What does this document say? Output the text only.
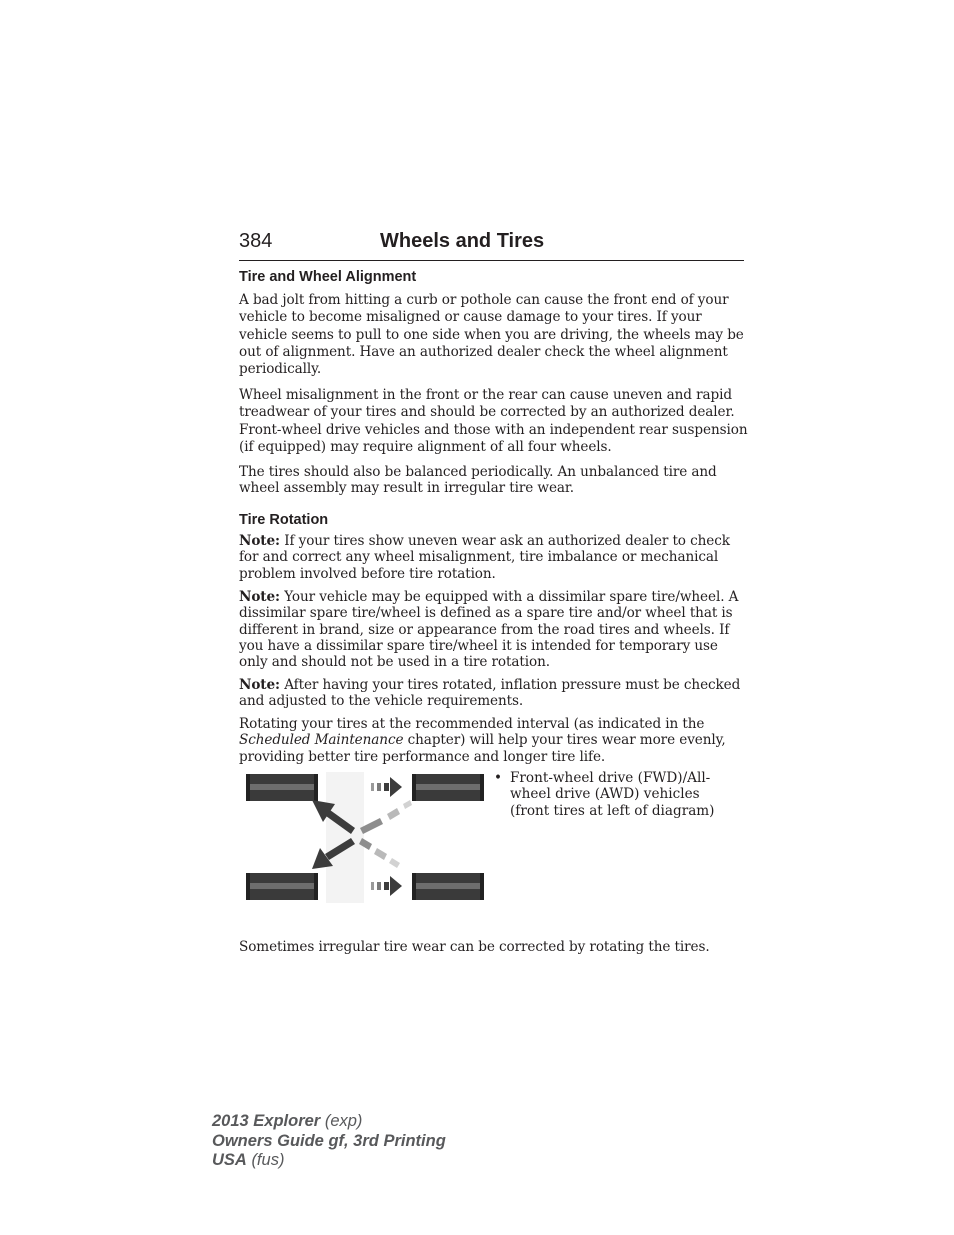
384	Wheels and Tires
Tire and Wheel Alignment

A bad jolt from hitting a curb or pothole can cause the front end of your vehicle to become misaligned or cause damage to your tires. If your vehicle seems to pull to one side when you are driving, the wheels may be out of alignment. Have an authorized dealer check the wheel alignment periodically.

Wheel misalignment in the front or the rear can cause uneven and rapid treadwear of your tires and should be corrected by an authorized dealer. Front-wheel drive vehicles and those with an independent rear suspension (if equipped) may require alignment of all four wheels.

The tires should also be balanced periodically. An unbalanced tire and wheel assembly may result in irregular tire wear.

Tire Rotation

Note: If your tires show uneven wear ask an authorized dealer to check for and correct any wheel misalignment, tire imbalance or mechanical problem involved before tire rotation.

Note: Your vehicle may be equipped with a dissimilar spare tire/wheel. A dissimilar spare tire/wheel is defined as a spare tire and/or wheel that is different in brand, size or appearance from the road tires and wheels. If you have a dissimilar spare tire/wheel it is intended for temporary use only and should not be used in a tire rotation.

Note: After having your tires rotated, inflation pressure must be checked and adjusted to the vehicle requirements.

Rotating your tires at the recommended interval (as indicated in the Scheduled Maintenance chapter) will help your tires wear more evenly, providing better tire performance and longer tire life.

• Front-wheel drive (FWD)/All-wheel drive (AWD) vehicles (front tires at left of diagram)

Sometimes irregular tire wear can be corrected by rotating the tires.

2013 Explorer (exp)
Owners Guide gf, 3rd Printing
USA (fus)
